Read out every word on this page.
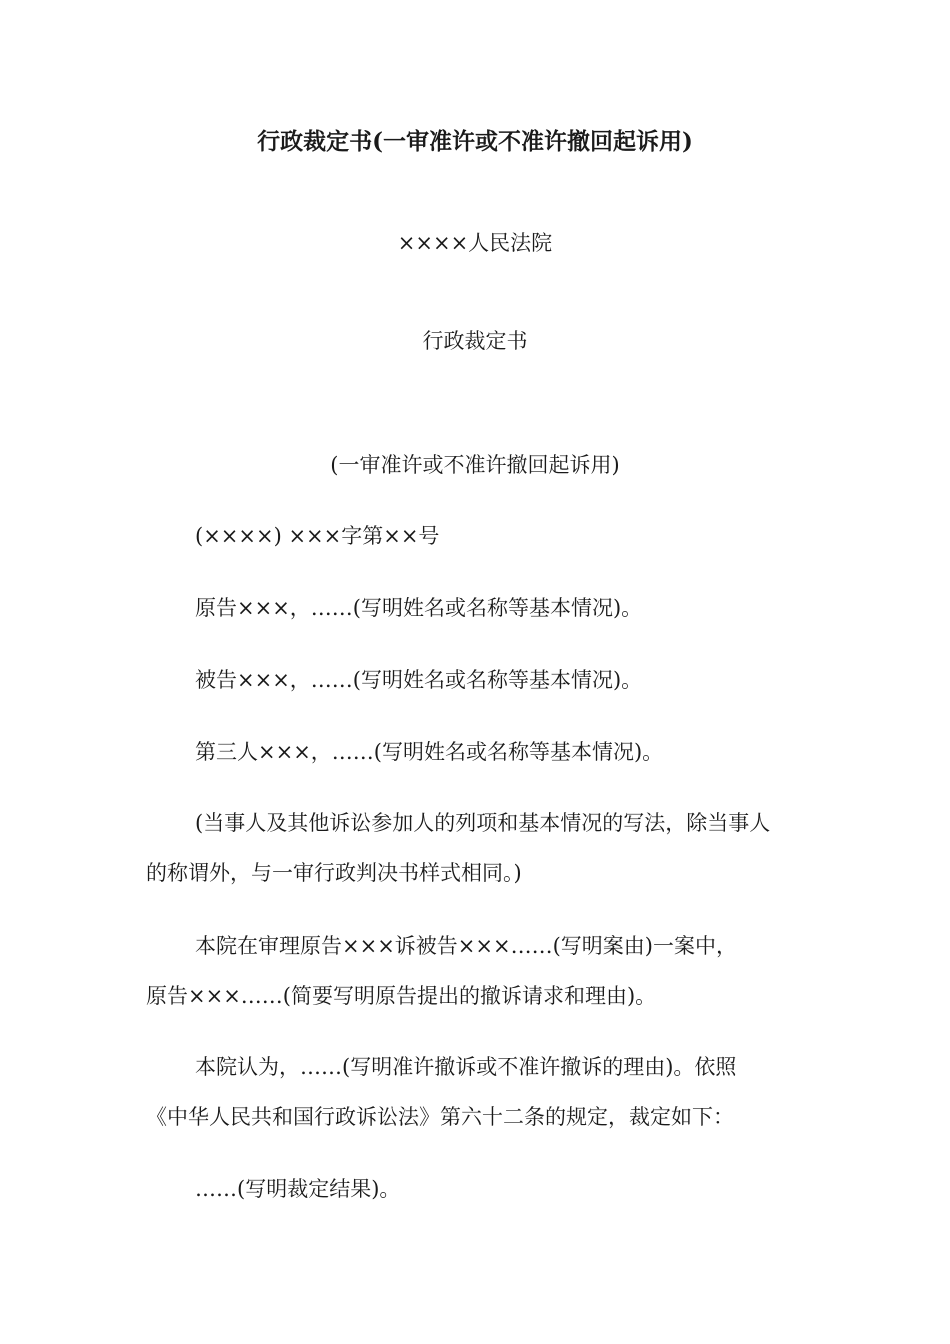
行政裁定书(一审准许或不准许撤回起诉用)
××××人民法院
行政裁定书
(一审准许或不准许撤回起诉用)
(××××) ×××字第××号
原告×××，……(写明姓名或名称等基本情况)。
被告×××，……(写明姓名或名称等基本情况)。
第三人×××，……(写明姓名或名称等基本情况)。
(当事人及其他诉讼参加人的列项和基本情况的写法，除当事人
的称谓外，与一审行政判决书样式相同。)
本院在审理原告×××诉被告×××……(写明案由)一案中，
原告×××……(简要写明原告提出的撤诉请求和理由)。
本院认为，……(写明准许撤诉或不准许撤诉的理由)。依照
《中华人民共和国行政诉讼法》第六十二条的规定，裁定如下：
……(写明裁定结果)。
